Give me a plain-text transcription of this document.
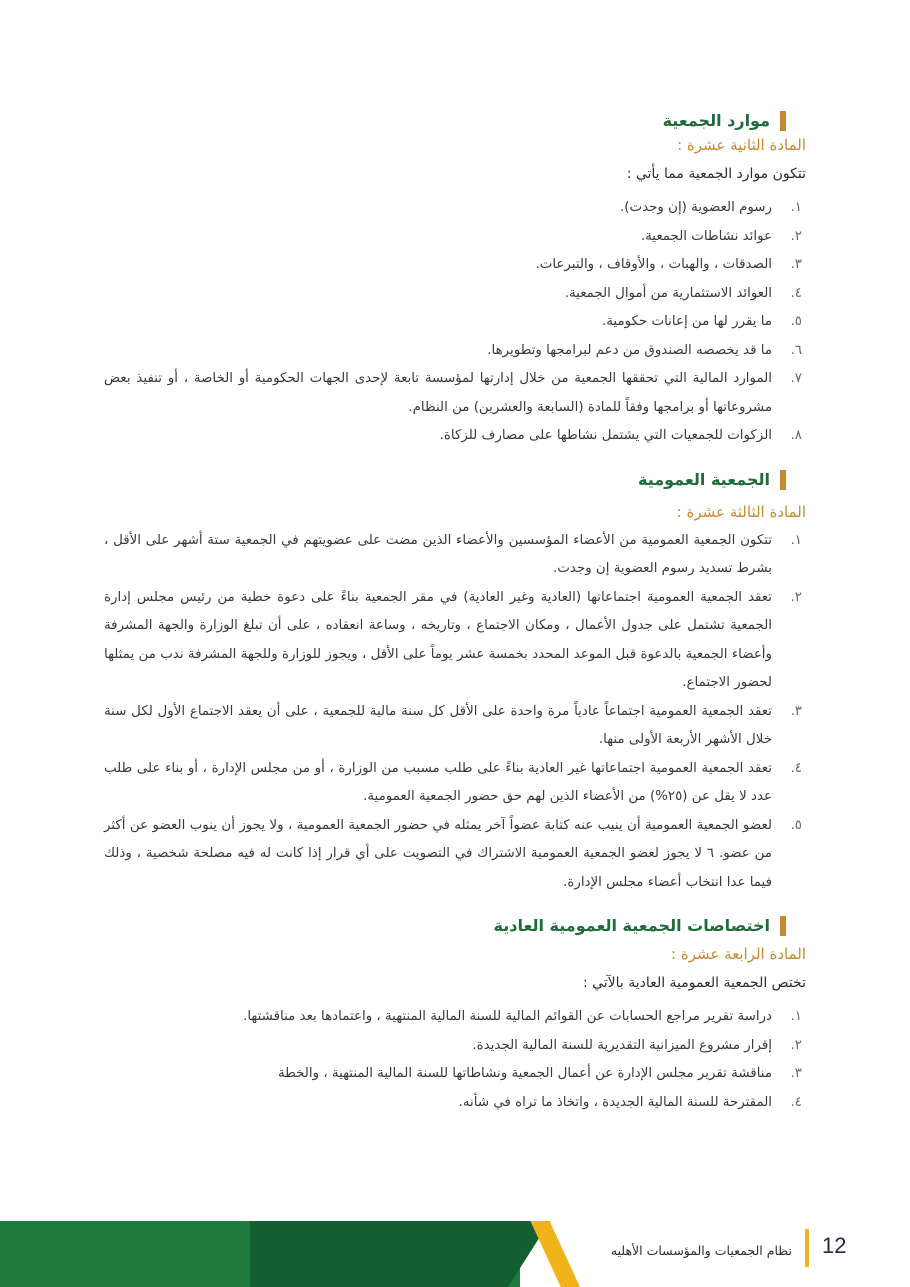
موارد الجمعية
المادة الثانية عشرة :
تتكون موارد الجمعية مما يأتي :
١.
رسوم العضوية (إن وجدت).
٢.
عوائد نشاطات الجمعية.
٣.
الصدقات ، والهبات ، والأوقاف ، والتبرعات.
٤.
العوائد الاستثمارية من أموال الجمعية.
٥.
ما يقرر لها من إعانات حكومية.
٦.
ما قد يخصصه الصندوق من دعم لبرامجها وتطويرها.
٧.
الموارد المالية التي تحققها الجمعية من خلال إدارتها لمؤسسة تابعة لإحدى الجهات الحكومية أو الخاصة ، أو تنفيذ بعض مشروعاتها أو برامجها وفقاً للمادة (السابعة والعشرين) من النظام.
٨.
الزكوات للجمعيات التي يشتمل نشاطها على مصارف للزكاة.
الجمعية العمومية
المادة الثالثة عشرة :
١.
تتكون الجمعية العمومية من الأعضاء المؤسسين والأعضاء الذين مضت على عضويتهم في الجمعية ستة أشهر على الأقل ، بشرط تسديد رسوم العضوية إن وجدت.
٢.
تعقد الجمعية العمومية اجتماعاتها (العادية وغير العادية) في مقر الجمعية بناءً على دعوة خطية من رئيس مجلس إدارة الجمعية تشتمل على جدول الأعمال ، ومكان الاجتماع ، وتاريخه ، وساعة انعقاده ، على أن تبلغ الوزارة والجهة المشرفة وأعضاء الجمعية بالدعوة قبل الموعد المحدد بخمسة عشر يوماً على الأقل ، ويجوز للوزارة وللجهة المشرفة ندب من يمثلها لحضور الاجتماع.
٣.
تعقد الجمعية العمومية اجتماعاً عادياً مرة واحدة على الأقل كل سنة مالية للجمعية ، على أن يعقد الاجتماع الأول لكل سنة خلال الأشهر الأربعة الأولى منها.
٤.
تعقد الجمعية العمومية اجتماعاتها غير العادية بناءً على طلب مسبب من الوزارة ، أو من مجلس الإدارة ، أو بناء على طلب عدد لا يقل عن (٢٥%) من الأعضاء الذين لهم حق حضور الجمعية العمومية.
٥.
لعضو الجمعية العمومية أن ينيب عنه كتابة عضواً آخر يمثله في حضور الجمعية العمومية ، ولا يجوز أن ينوب العضو عن أكثر من عضو. ٦ لا يجوز لعضو الجمعية العمومية الاشتراك في التصويت على أي قرار إذا كانت له فيه مصلحة شخصية ، وذلك فيما عدا انتخاب أعضاء مجلس الإدارة.
اختصاصات الجمعية العمومية العادية
المادة الرابعة عشرة :
تختص الجمعية العمومية العادية بالآتي :
١.
دراسة تقرير مراجع الحسابات عن القوائم المالية للسنة المالية المنتهية ، واعتمادها بعد مناقشتها.
٢.
إقرار مشروع الميزانية التقديرية للسنة المالية الجديدة.
٣.
مناقشة تقرير مجلس الإدارة عن أعمال الجمعية ونشاطاتها للسنة المالية المنتهية ، والخطة
٤.
المقترحة للسنة المالية الجديدة ، واتخاذ ما تراه في شأنه.
نظام الجمعيات والمؤسسات الأهليه 12
